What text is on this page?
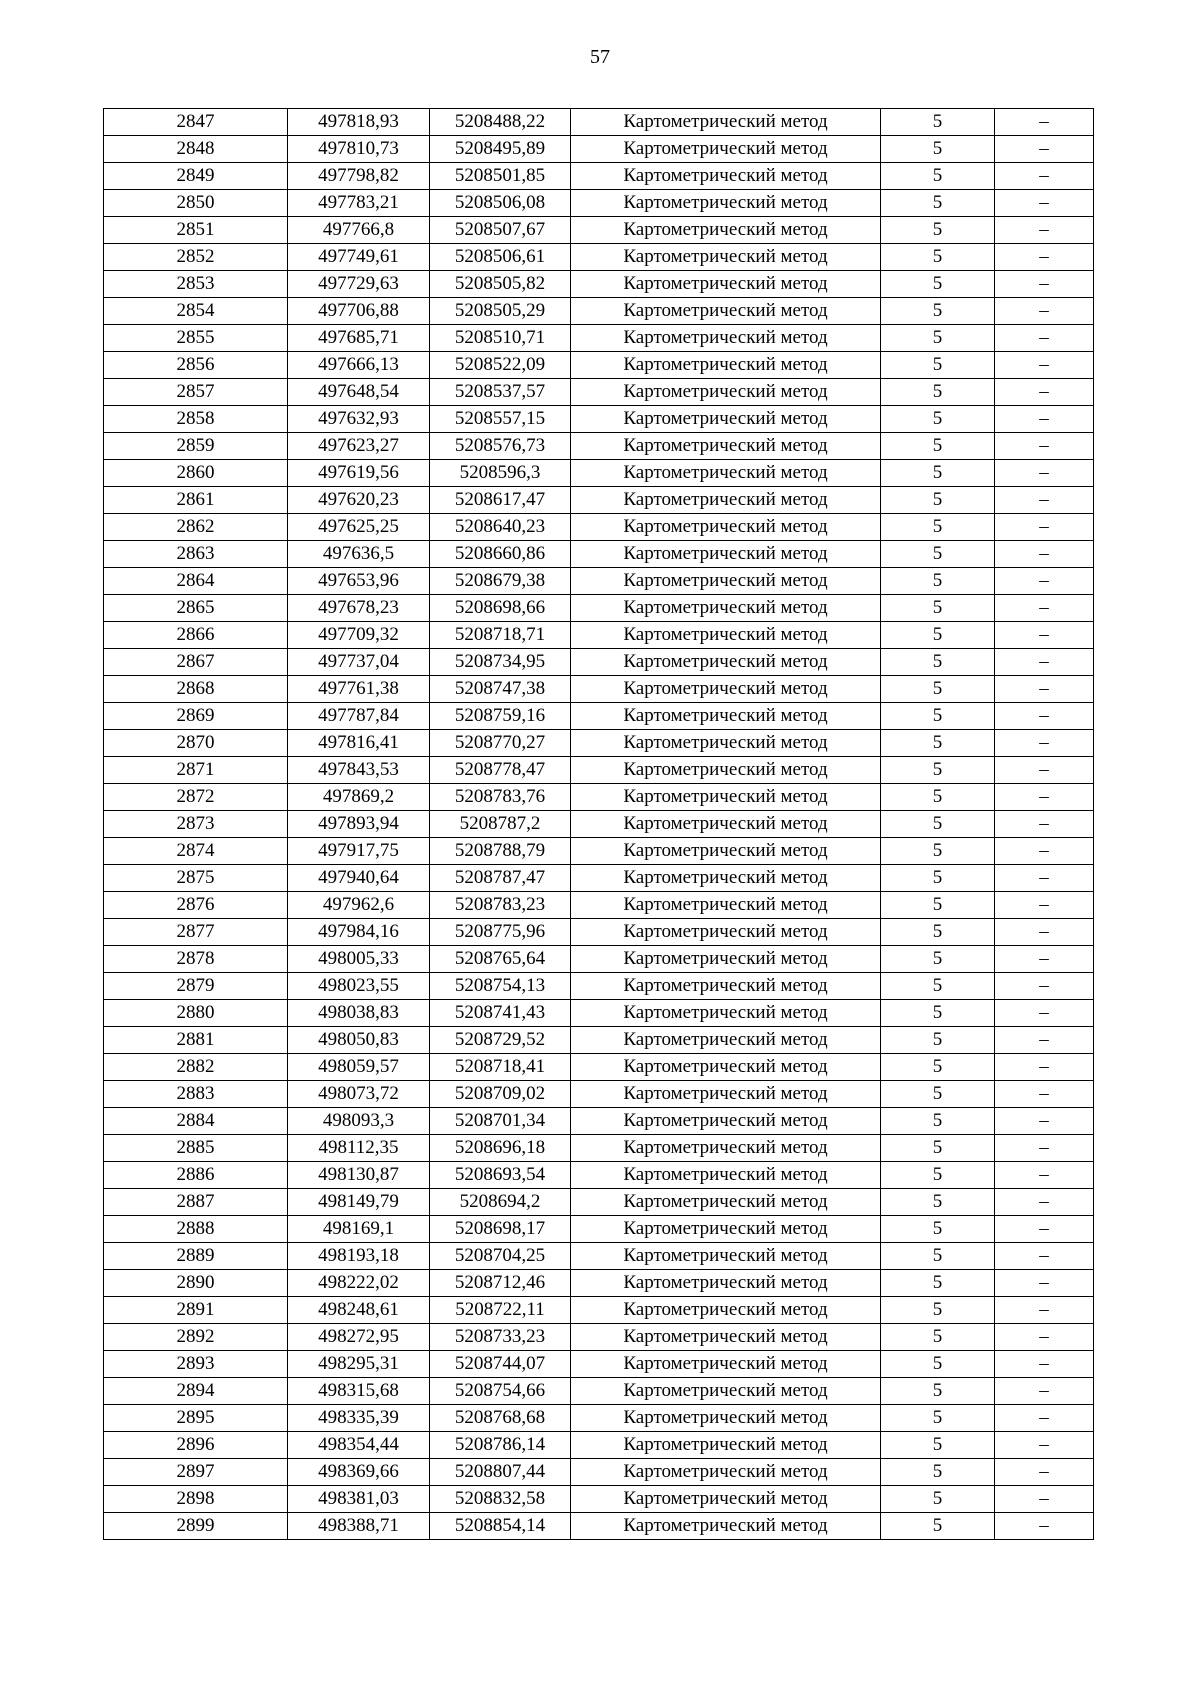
57
2847	497818,93	5208488,22	Картометрический метод	5	–
2848	497810,73	5208495,89	Картометрический метод	5	–
2849	497798,82	5208501,85	Картометрический метод	5	–
2850	497783,21	5208506,08	Картометрический метод	5	–
2851	497766,8	5208507,67	Картометрический метод	5	–
2852	497749,61	5208506,61	Картометрический метод	5	–
2853	497729,63	5208505,82	Картометрический метод	5	–
2854	497706,88	5208505,29	Картометрический метод	5	–
2855	497685,71	5208510,71	Картометрический метод	5	–
2856	497666,13	5208522,09	Картометрический метод	5	–
2857	497648,54	5208537,57	Картометрический метод	5	–
2858	497632,93	5208557,15	Картометрический метод	5	–
2859	497623,27	5208576,73	Картометрический метод	5	–
2860	497619,56	5208596,3	Картометрический метод	5	–
2861	497620,23	5208617,47	Картометрический метод	5	–
2862	497625,25	5208640,23	Картометрический метод	5	–
2863	497636,5	5208660,86	Картометрический метод	5	–
2864	497653,96	5208679,38	Картометрический метод	5	–
2865	497678,23	5208698,66	Картометрический метод	5	–
2866	497709,32	5208718,71	Картометрический метод	5	–
2867	497737,04	5208734,95	Картометрический метод	5	–
2868	497761,38	5208747,38	Картометрический метод	5	–
2869	497787,84	5208759,16	Картометрический метод	5	–
2870	497816,41	5208770,27	Картометрический метод	5	–
2871	497843,53	5208778,47	Картометрический метод	5	–
2872	497869,2	5208783,76	Картометрический метод	5	–
2873	497893,94	5208787,2	Картометрический метод	5	–
2874	497917,75	5208788,79	Картометрический метод	5	–
2875	497940,64	5208787,47	Картометрический метод	5	–
2876	497962,6	5208783,23	Картометрический метод	5	–
2877	497984,16	5208775,96	Картометрический метод	5	–
2878	498005,33	5208765,64	Картометрический метод	5	–
2879	498023,55	5208754,13	Картометрический метод	5	–
2880	498038,83	5208741,43	Картометрический метод	5	–
2881	498050,83	5208729,52	Картометрический метод	5	–
2882	498059,57	5208718,41	Картометрический метод	5	–
2883	498073,72	5208709,02	Картометрический метод	5	–
2884	498093,3	5208701,34	Картометрический метод	5	–
2885	498112,35	5208696,18	Картометрический метод	5	–
2886	498130,87	5208693,54	Картометрический метод	5	–
2887	498149,79	5208694,2	Картометрический метод	5	–
2888	498169,1	5208698,17	Картометрический метод	5	–
2889	498193,18	5208704,25	Картометрический метод	5	–
2890	498222,02	5208712,46	Картометрический метод	5	–
2891	498248,61	5208722,11	Картометрический метод	5	–
2892	498272,95	5208733,23	Картометрический метод	5	–
2893	498295,31	5208744,07	Картометрический метод	5	–
2894	498315,68	5208754,66	Картометрический метод	5	–
2895	498335,39	5208768,68	Картометрический метод	5	–
2896	498354,44	5208786,14	Картометрический метод	5	–
2897	498369,66	5208807,44	Картометрический метод	5	–
2898	498381,03	5208832,58	Картометрический метод	5	–
2899	498388,71	5208854,14	Картометрический метод	5	–
